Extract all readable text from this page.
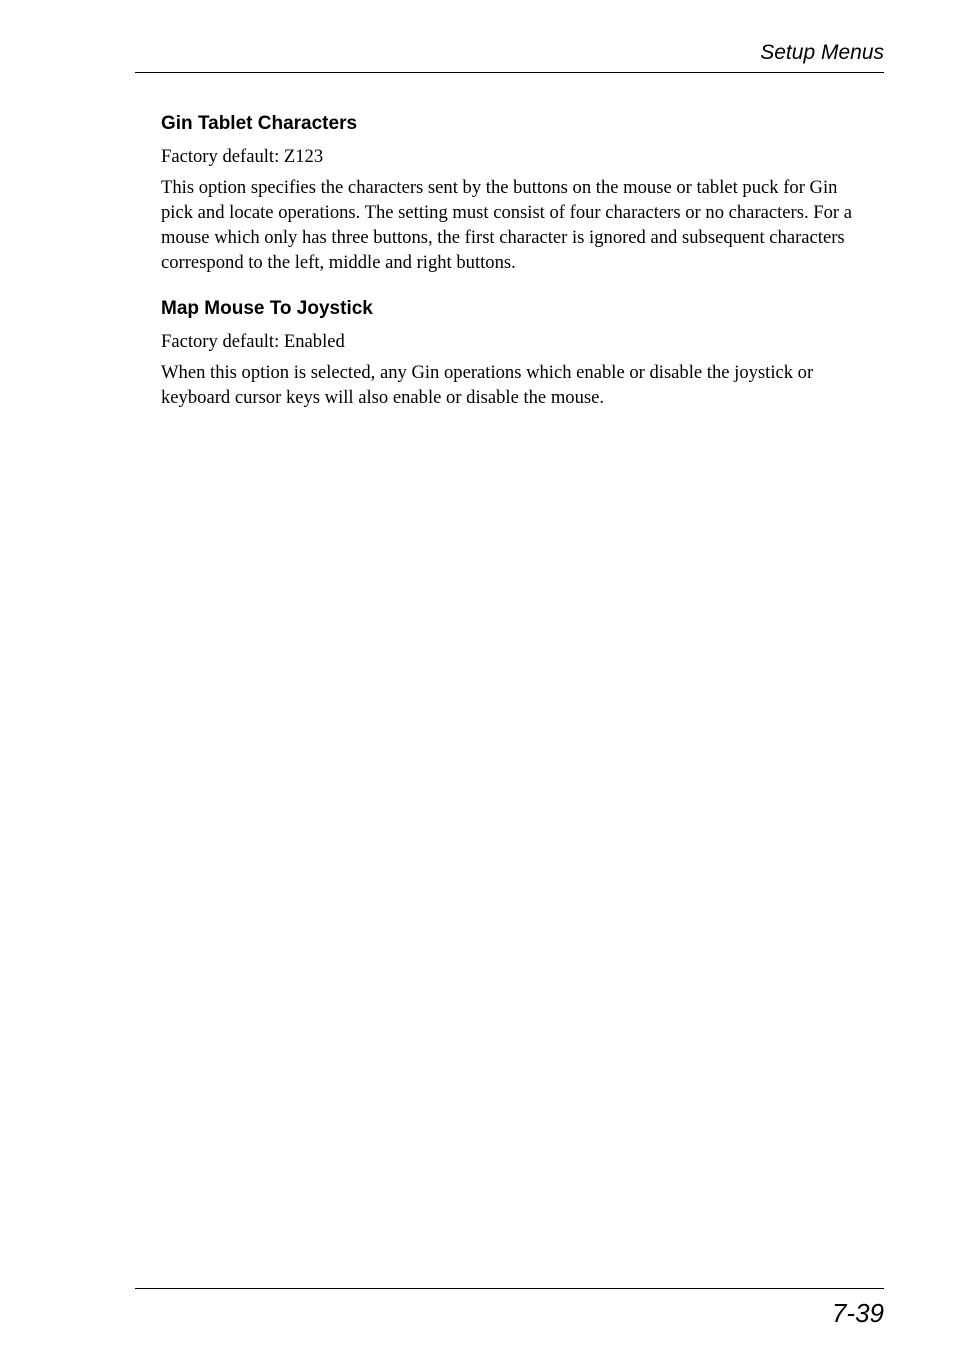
Setup Menus
Gin Tablet Characters

Factory default: Z123

This option specifies the characters sent by the buttons on the mouse or tablet puck for Gin pick and locate operations. The setting must consist of four characters or no characters. For a mouse which only has three buttons, the first character is ignored and subsequent characters correspond to the left, middle and right buttons.

Map Mouse To Joystick

Factory default: Enabled

When this option is selected, any Gin operations which enable or disable the joystick or keyboard cursor keys will also enable or disable the mouse.

7-39
